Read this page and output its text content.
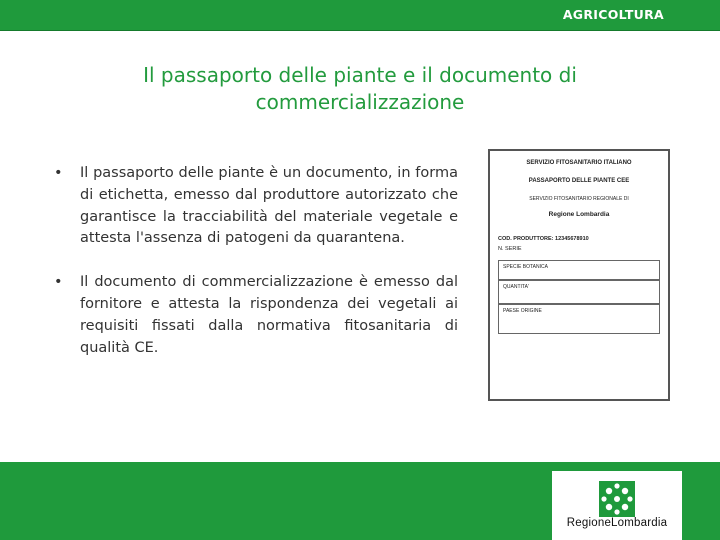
AGRICOLTURA
Il passaporto delle piante e il documento di
commercializzazione
• Il passaporto delle piante è un documento, in forma di etichetta, emesso dal produttore autorizzato che garantisce la tracciabilità del materiale vegetale e attesta l'assenza di patogeni da quarantena.
• Il documento di commercializzazione è emesso dal fornitore e attesta la rispondenza dei vegetali ai requisiti fissati dalla normativa fitosanitaria di qualità CE.
SERVIZIO FITOSANITARIO ITALIANO
PASSAPORTO DELLE PIANTE CEE
SERVIZIO FITOSANITARIO REGIONALE DI
Regione Lombardia
COD. PRODUTTORE: 12345678910
N. SERIE
SPECIE BOTANICA
QUANTITA'
PAESE ORIGINE
RegioneLombardia
